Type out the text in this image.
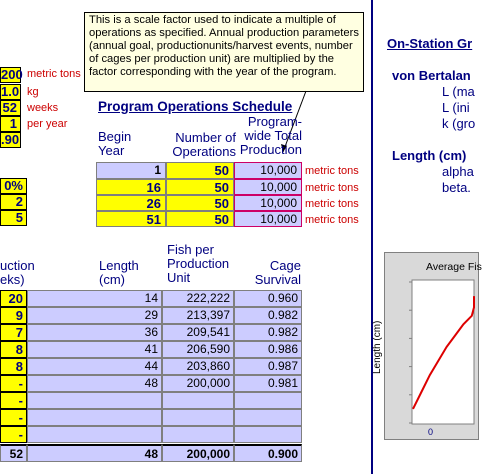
200 metric tons
1.0 kg
52 weeks
1 per year
.90
0%
2
5
This is a scale factor used to indicate a multiple of operations as specified. Annual production parameters (annual goal, productionunits/harvest events, number of cages per production unit) are multiplied by the factor corresponding with the year of the program.
Program Operations Schedule
Begin
Year
Number of
Operations
Program-
wide Total
Production
1	50	10,000 metric tons
16	50	10,000 metric tons
26	50	10,000 metric tons
51	50	10,000 metric tons
uction
eks)
Length
(cm)
Fish per
Production
Unit
Cage
Survival
20	14	222,222	0.960
9	29	213,397	0.982
7	36	209,541	0.982
8	41	206,590	0.986
8	44	203,860	0.987
-	48	200,000	0.981
-
-
-
52	48	200,000	0.900
On-Station Gr
von Bertalan
L (ma
L (ini
k (gro
Length (cm)
alpha
beta.
Average Fis
Length (cm)
0
